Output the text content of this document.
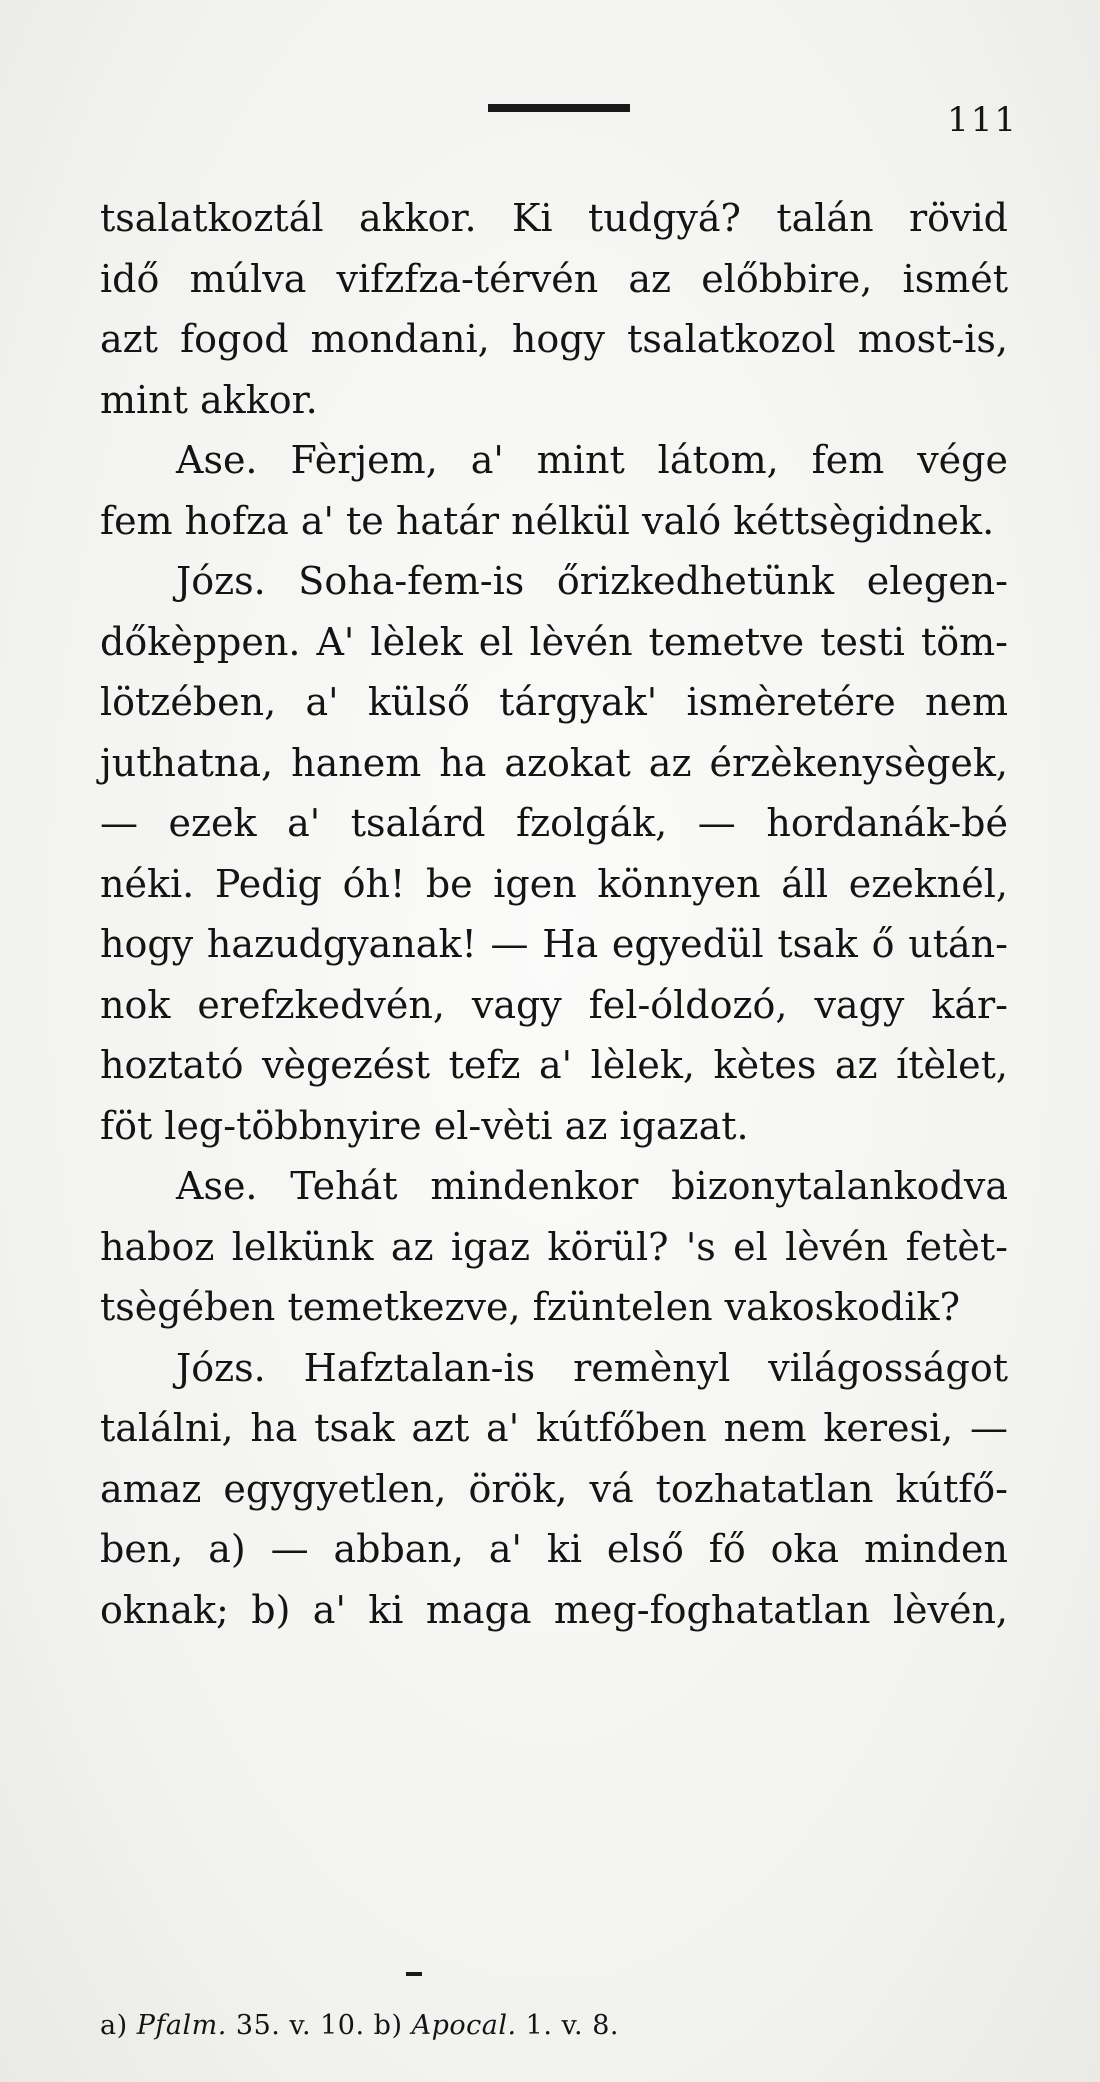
111
tsalatkoztál akkor. Ki tudgyá? talán rövid
idő múlva vifzfza-térvén az előbbire, ismét
azt fogod mondani, hogy tsalatkozol most-is,
mint akkor.
Ase. Fèrjem, a' mint látom, fem vége
fem hofza a' te határ nélkül való kéttsègidnek.
Józs. Soha-fem-is őrizkedhetünk elegen-
dőkèppen. A' lèlek el lèvén temetve testi töm-
lötzében, a' külső tárgyak' ismèretére nem
juthatna, hanem ha azokat az érzèkenysègek,
— ezek a' tsalárd fzolgák, — hordanák-bé
néki. Pedig óh! be igen könnyen áll ezeknél,
hogy hazudgyanak! — Ha egyedül tsak ő után-
nok erefzkedvén, vagy fel-óldozó, vagy kár-
hoztató vègezést tefz a' lèlek, kètes az ítèlet,
föt leg-többnyire el-vèti az igazat.
Ase. Tehát mindenkor bizonytalankodva
haboz lelkünk az igaz körül? 's el lèvén fetèt-
tsègében temetkezve, fzüntelen vakoskodik?
Józs. Hafztalan-is remènyl világosságot
találni, ha tsak azt a' kútfőben nem keresi, —
amaz egygyetlen, örök, vá tozhatatlan kútfő-
ben, a) — abban, a' ki első fő oka minden
oknak; b) a' ki maga meg-foghatatlan lèvén,
a) Pfalm. 35. v. 10. b) Apocal. 1. v. 8.
